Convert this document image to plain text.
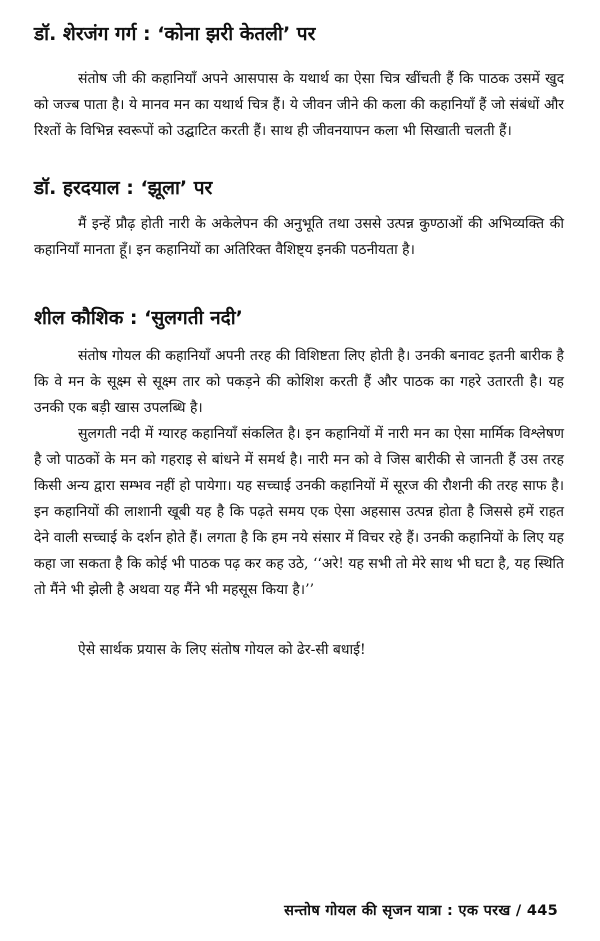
डॉ. शेरजंग गर्ग : ‘कोना झरी केतली’ पर

संतोष जी की कहानियाँ अपने आसपास के यथार्थ का ऐसा चित्र खींचती हैं कि पाठक उसमें खुद को जज्ब पाता है। ये मानव मन का यथार्थ चित्र हैं। ये जीवन जीने की कला की कहानियाँ हैं जो संबंधों और रिश्तों के विभिन्न स्वरूपों को उद्घाटित करती हैं। साथ ही जीवनयापन कला भी सिखाती चलती हैं।

डॉ. हरदयाल : ‘झूला’ पर

मैं इन्हें प्रौढ़ होती नारी के अकेलेपन की अनुभूति तथा उससे उत्पन्न कुण्ठाओं की अभिव्यक्ति की कहानियाँ मानता हूँ। इन कहानियों का अतिरिक्त वैशिष्ट्य इनकी पठनीयता है।

शील कौशिक : ‘सुलगती नदी’

संतोष गोयल की कहानियाँ अपनी तरह की विशिष्टता लिए होती है। उनकी बनावट इतनी बारीक है कि वे मन के सूक्ष्म से सूक्ष्म तार को पकड़ने की कोशिश करती हैं और पाठक का गहरे उतारती है। यह उनकी एक बड़ी खास उपलब्धि है।

सुलगती नदी में ग्यारह कहानियाँ संकलित है। इन कहानियों में नारी मन का ऐसा मार्मिक विश्लेषण है जो पाठकों के मन को गहराइ से बांधने में समर्थ है। नारी मन को वे जिस बारीकी से जानती हैं उस तरह किसी अन्य द्वारा सम्भव नहीं हो पायेगा। यह सच्चाई उनकी कहानियों में सूरज की रौशनी की तरह साफ है। इन कहानियों की लाशानी खूबी यह है कि पढ़ते समय एक ऐसा अहसास उत्पन्न होता है जिससे हमें राहत देने वाली सच्चाई के दर्शन होते हैं। लगता है कि हम नये संसार में विचर रहे हैं। उनकी कहानियों के लिए यह कहा जा सकता है कि कोई भी पाठक पढ़ कर कह उठे, ‘‘अरे! यह सभी तो मेरे साथ भी घटा है, यह स्थिति तो मैंने भी झेली है अथवा यह मैंने भी महसूस किया है।’’

ऐसे सार्थक प्रयास के लिए संतोष गोयल को ढेर-सी बधाई!

सन्तोष गोयल की सृजन यात्रा : एक परख / 445
